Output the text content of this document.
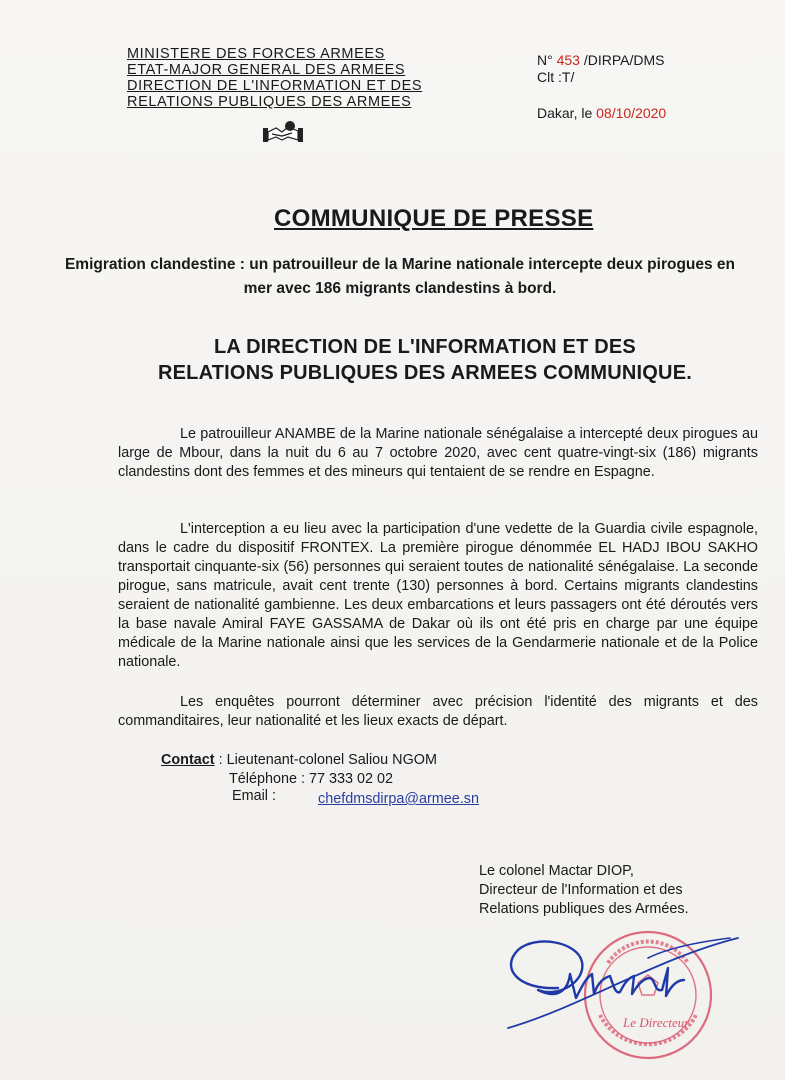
MINISTERE DES FORCES ARMEES
ETAT-MAJOR GENERAL DES ARMEES
DIRECTION DE L'INFORMATION ET DES
RELATIONS PUBLIQUES DES ARMEES
N° 453 /DIRPA/DMS
Clt :T/
Dakar, le 08/10/2020
COMMUNIQUE DE PRESSE
Emigration clandestine : un patrouilleur de la Marine nationale intercepte deux pirogues en mer avec 186 migrants clandestins à bord.
LA DIRECTION DE L'INFORMATION ET DES
RELATIONS PUBLIQUES DES ARMEES COMMUNIQUE.
Le patrouilleur ANAMBE de la Marine nationale sénégalaise a intercepté deux pirogues au large de Mbour, dans la nuit du 6 au 7 octobre 2020, avec cent quatre-vingt-six (186) migrants clandestins dont des femmes et des mineurs qui tentaient de se rendre en Espagne.
L'interception a eu lieu avec la participation d'une vedette de la Guardia civile espagnole, dans le cadre du dispositif FRONTEX. La première pirogue dénommée EL HADJ IBOU SAKHO transportait cinquante-six (56) personnes qui seraient toutes de nationalité sénégalaise. La seconde pirogue, sans matricule, avait cent trente (130) personnes à bord. Certains migrants clandestins seraient de nationalité gambienne. Les deux embarcations et leurs passagers ont été déroutés vers la base navale Amiral FAYE GASSAMA de Dakar où ils ont été pris en charge par une équipe médicale de la Marine nationale ainsi que les services de la Gendarmerie nationale et de la Police nationale.
Les enquêtes pourront déterminer avec précision l'identité des migrants et des commanditaires, leur nationalité et les lieux exacts de départ.
Contact : Lieutenant-colonel Saliou NGOM
Téléphone : 77 333 02 02
Email :	chefdmsdirpa@armee.sn
Le colonel Mactar DIOP,
Directeur de l'Information et des
Relations publiques des Armées.
Le Directeur
